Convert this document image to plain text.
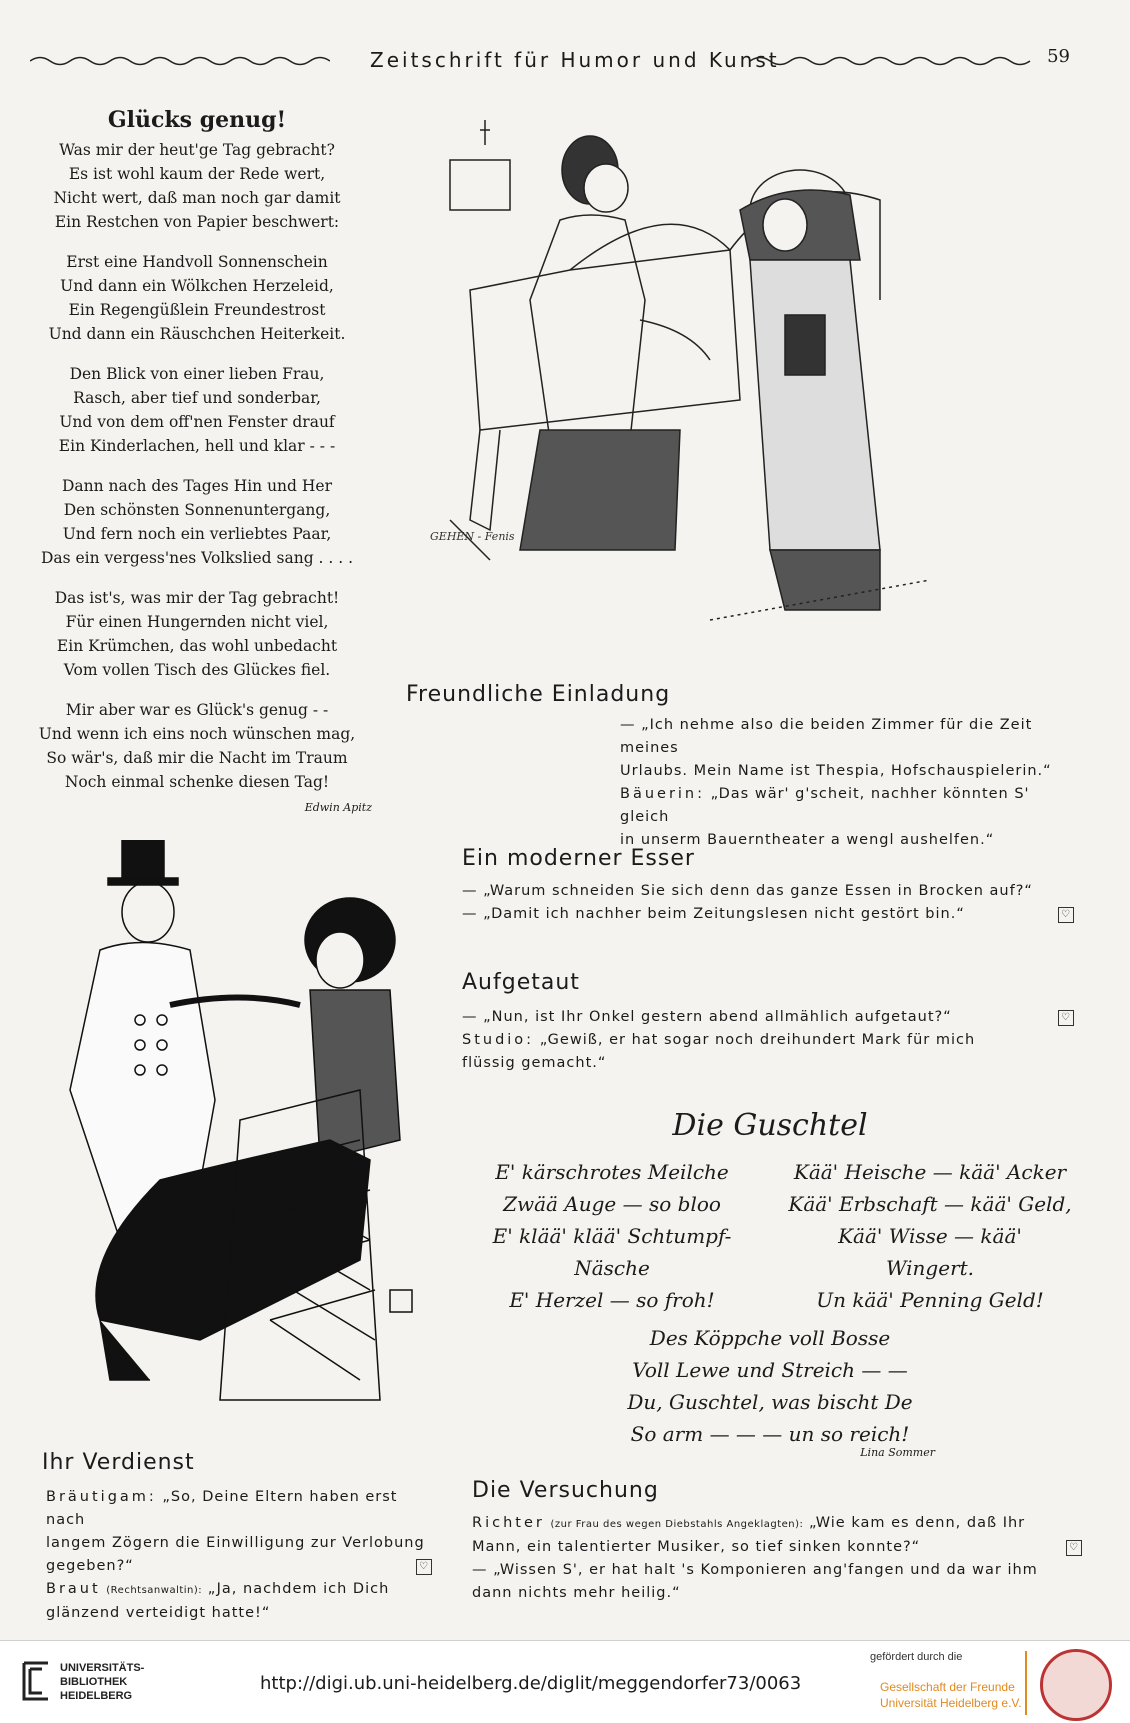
Zeitschrift für Humor und Kunst	59
Glücks genug!
Was mir der heut'ge Tag gebracht?
Es ist wohl kaum der Rede wert,
Nicht wert, daß man noch gar damit
Ein Restchen von Papier beschwert:
Erst eine Handvoll Sonnenschein
Und dann ein Wölkchen Herzeleid,
Ein Regengüßlein Freundestrost
Und dann ein Räuschchen Heiterkeit.
Den Blick von einer lieben Frau,
Rasch, aber tief und sonderbar,
Und von dem off'nen Fenster drauf
Ein Kinderlachen, hell und klar - - -
Dann nach des Tages Hin und Her
Den schönsten Sonnenuntergang,
Und fern noch ein verliebtes Paar,
Das ein vergess'nes Volkslied sang . . . .
Das ist's, was mir der Tag gebracht!
Für einen Hungernden nicht viel,
Ein Krümchen, das wohl unbedacht
Vom vollen Tisch des Glückes fiel.
Mir aber war es Glück's genug - -
Und wenn ich eins noch wünschen mag,
So wär's, daß mir die Nacht im Traum
Noch einmal schenke diesen Tag!
Edwin Apitz
GEHEN - Fenis
Freundliche Einladung
— „Ich nehme also die beiden Zimmer für die Zeit meines
Urlaubs. Mein Name ist Thespia, Hofschauspielerin.“
Bäuerin: „Das wär' g'scheit, nachher könnten S' gleich
in unserm Bauerntheater a wengl aushelfen.“
Ein moderner Esser
— „Warum schneiden Sie sich denn das ganze Essen in Brocken auf?“
— „Damit ich nachher beim Zeitungslesen nicht gestört bin.“	♡
Aufgetaut
— „Nun, ist Ihr Onkel gestern abend allmählich aufgetaut?“	♡
Studio: „Gewiß, er hat sogar noch dreihundert Mark für mich
flüssig gemacht.“
Die Guschtel
E' kärschrotes Meilche
Zwää Auge — so bloo
E' klää' klää' Schtumpf-
Näsche
E' Herzel — so froh!
Kää' Heische — kää' Acker
Kää' Erbschaft — kää' Geld,
Kää' Wisse — kää'
Wingert.
Un kää' Penning Geld!
Des Köppche voll Bosse
Voll Lewe und Streich — —
Du, Guschtel, was bischt De
So arm — — — un so reich!
Lina Sommer
Ihr Verdienst
Bräutigam: „So, Deine Eltern haben erst nach
langem Zögern die Einwilligung zur Verlobung
gegeben?“	♡
Braut (Rechtsanwaltin): „Ja, nachdem ich Dich
glänzend verteidigt hatte!“
Die Versuchung
Richter (zur Frau des wegen Diebstahls Angeklagten): „Wie kam es denn, daß Ihr
Mann, ein talentierter Musiker, so tief sinken konnte?“	♡
— „Wissen S', er hat halt 's Komponieren ang'fangen und da war ihm
dann nichts mehr heilig.“
UNIVERSITÄTS-
BIBLIOTHEK
HEIDELBERG
http://digi.ub.uni-heidelberg.de/diglit/meggendorfer73/0063
gefördert durch die
Gesellschaft der Freunde
Universität Heidelberg e.V.
